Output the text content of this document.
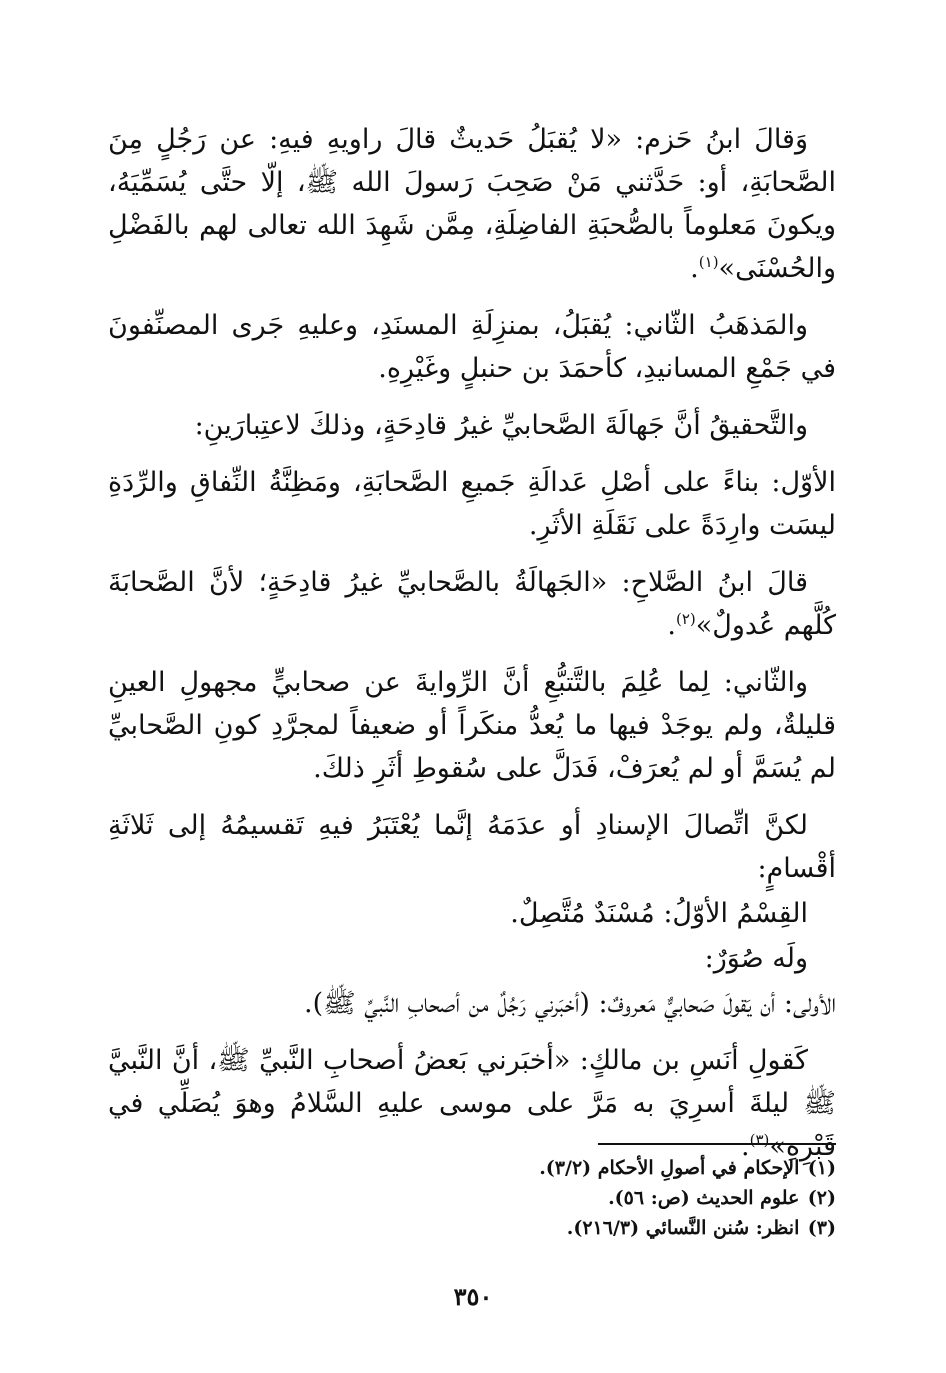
وَقالَ ابنُ حَزم: «لا يُقبَلُ حَديثٌ قالَ راويهِ فيهِ: عن رَجُلٍ مِنَ الصَّحابَةِ، أو: حَدَّثني مَنْ صَحِبَ رَسولَ الله ﷺ، إلّا حتَّى يُسَمِّيَهُ، ويكونَ مَعلوماً بالصُّحبَةِ الفاضِلَةِ، مِمَّن شَهِدَ الله تعالى لهم بالفَضْلِ والحُسْنَى»$^{(١)}$.
والمَذهَبُ الثّاني: يُقبَلُ، بمنزِلَةِ المسنَدِ، وعليهِ جَرى المصنِّفونَ في جَمْعِ المسانيدِ، كأحمَدَ بن حنبلٍ وغَيْرِهِ.
والتَّحقيقُ أنَّ جَهالَةَ الصَّحابيِّ غيرُ قادِحَةٍ، وذلكَ لاعتِبارَينِ:
الأوّل: بناءً على أصْلِ عَدالَةِ جَميعِ الصَّحابَةِ، ومَظِنَّةُ النِّفاقِ والرِّدَةِ ليسَت وارِدَةً على نَقَلَةِ الأثَرِ.
قالَ ابنُ الصَّلاحِ: «الجَهالَةُ بالصَّحابيِّ غيرُ قادِحَةٍ؛ لأنَّ الصَّحابَةَ كُلَّهم عُدولٌ»$^{(٢)}$.
والثّاني: لِما عُلِمَ بالتَّتبُّعِ أنَّ الرِّوايةَ عن صحابيٍّ مجهولِ العينِ قليلةٌ، ولم يوجَدْ فيها ما يُعدُّ منكَراً أو ضعيفاً لمجرَّدِ كونِ الصَّحابيِّ لم يُسَمَّ أو لم يُعرَفْ، فَدَلَّ على سُقوطِ أثَرِ ذلكَ.
لكنَّ اتِّصالَ الإسنادِ أو عدَمَهُ إنَّما يُعْتَبَرُ فيهِ تَقسيمُهُ إلى ثَلاثَةِ أقْسامٍ:
القِسْمُ الأوّلُ: مُسْنَدٌ مُتَّصِلٌ.
ولَه صُوَرٌ:
الأولى: أن يَقولَ صَحابيٌّ مَعروفٌ: (أخبَرني رَجُلٌ من أصحابِ النَّبيِّ ﷺ).
كَقولِ أنَسِ بن مالكٍ: «أخبَرني بَعضُ أصحابِ النَّبيِّ ﷺ، أنَّ النَّبيَّ ﷺ ليلةَ أسرِيَ به مَرَّ على موسى عليهِ السَّلامُ وهوَ يُصَلِّي في قَبْرِهِ»$^{(٣)}$.
(١) الإحكام في أصولِ الأحكام (٣/٢).
(٢) علوم الحديث (ص: ٥٦).
(٣) انظر: سُنن النَّسائي (٢١٦/٣).
٣٥٠
